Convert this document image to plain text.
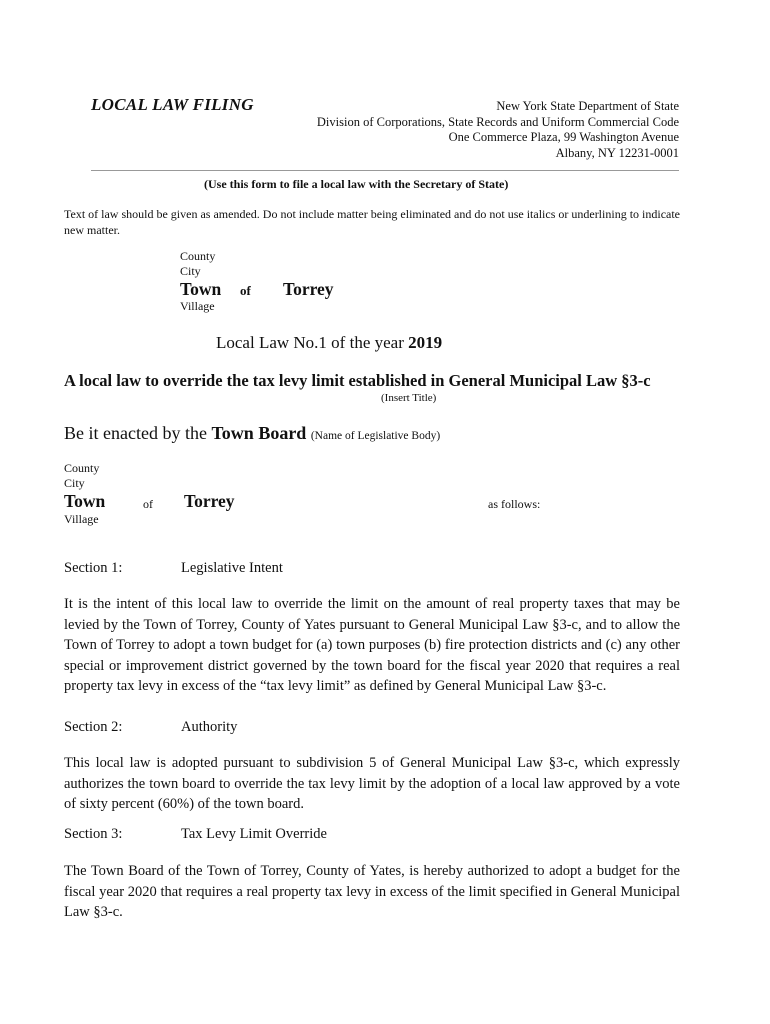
LOCAL LAW FILING	New York State Department of State
Division of Corporations, State Records and Uniform Commercial Code
One Commerce Plaza, 99 Washington Avenue
Albany, NY 12231-0001
(Use this form to file a local law with the Secretary of State)
Text of law should be given as amended. Do not include matter being eliminated and do not use italics or underlining to indicate new matter.
County
City
Town of Torrey
Village
Local Law No.1 of the year 2019
A local law to override the tax levy limit established in General Municipal Law §3-c
(Insert Title)
Be it enacted by the Town Board (Name of Legislative Body)
County
City
Town	of Torrey
Village
as follows:
Section 1:	Legislative Intent
It is the intent of this local law to override the limit on the amount of real property taxes that may be levied by the Town of Torrey, County of Yates pursuant to General Municipal Law §3-c, and to allow the Town of Torrey to adopt a town budget for (a) town purposes (b) fire protection districts and (c) any other special or improvement district governed by the town board for the fiscal year 2020 that requires a real property tax levy in excess of the “tax levy limit” as defined by General Municipal Law §3-c.
Section 2:	Authority
This local law is adopted pursuant to subdivision 5 of General Municipal Law §3-c, which expressly authorizes the town board to override the tax levy limit by the adoption of a local law approved by a vote of sixty percent (60%) of the town board.
Section 3:	Tax Levy Limit Override
The Town Board of the Town of Torrey, County of Yates, is hereby authorized to adopt a budget for the fiscal year 2020 that requires a real property tax levy in excess of the limit specified in General Municipal Law §3-c.
